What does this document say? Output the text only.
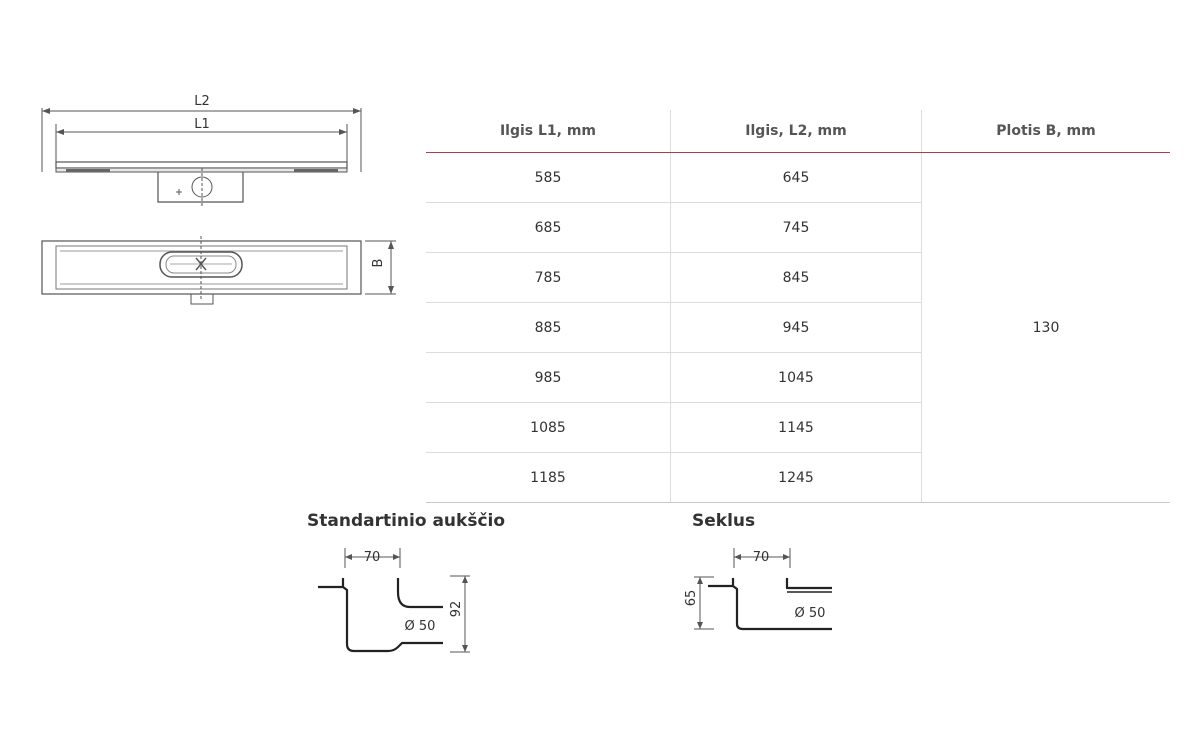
L2
L1
B
Ilgis L1, mm	Ilgis, L2, mm	Plotis B, mm
585	645	130
685	745	
785	845	
885	945	
985	1045	
1085	1145	
1185	1245	
Standartinio aukščio
70
Ø 50
92
Seklus
70
Ø 50
65
